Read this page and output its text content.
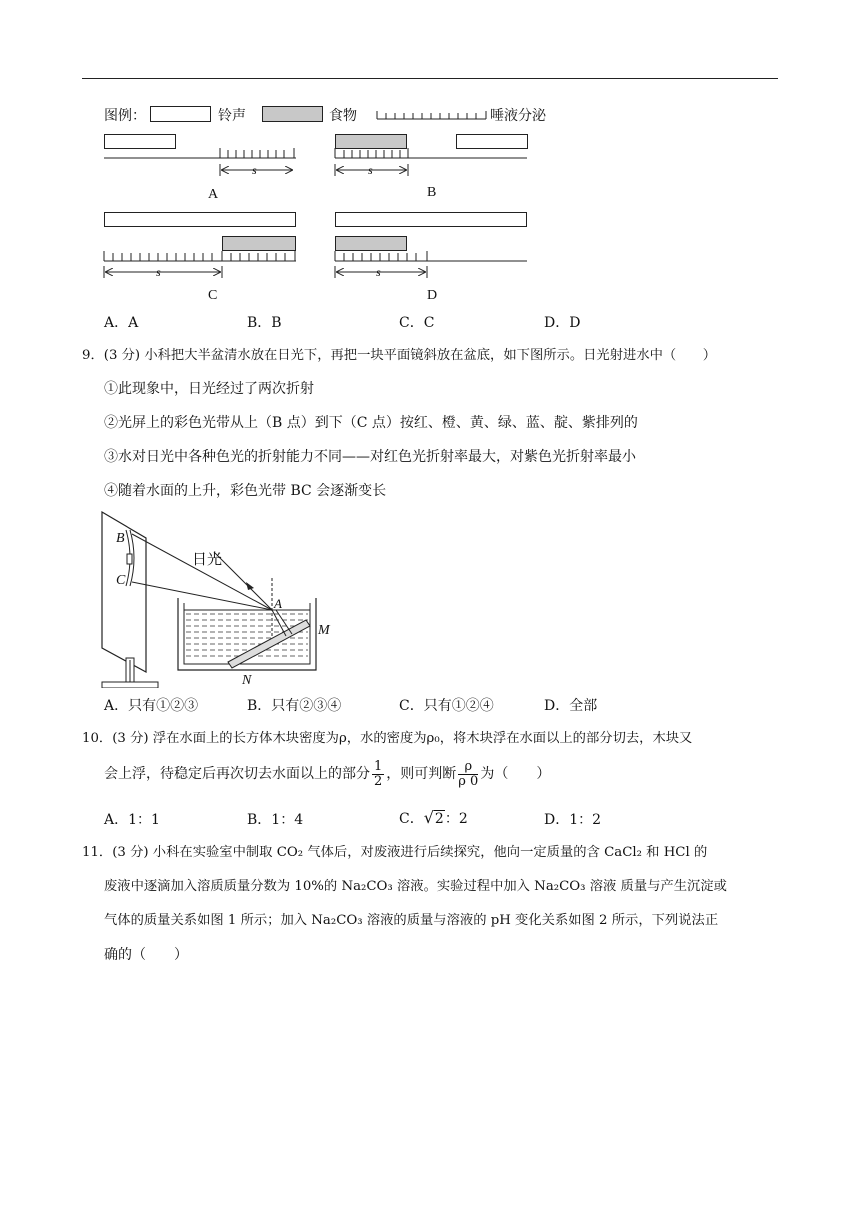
图例：	铃声	食物	唾液分泌
s
A
s
B
s
C
s
D
A．A	B．B	C．C	D．D
9．(3 分) 小科把大半盆清水放在日光下，再把一块平面镜斜放在盆底，如下图所示。日光射进水中（　　）
①此现象中，日光经过了两次折射
②光屏上的彩色光带从上（B 点）到下（C 点）按红、橙、黄、绿、蓝、靛、紫排列的
③水对日光中各种色光的折射能力不同——对红色光折射率最大，对紫色光折射率最小
④随着水面的上升，彩色光带 BC 会逐渐变长
日光
B
C
A
M
N
A．只有①②③	B．只有②③④	C．只有①②④	D．全部
10．(3 分) 浮在水面上的长方体木块密度为ρ，水的密度为ρ₀，将木块浮在水面以上的部分切去，木块又
会上浮，待稳定后再次切去水面以上的部分 $\frac{1}{2}$ ，则可判断 $\frac{\rho}{\rho 0}$ 为（　　）
A．1：1	B．1：4	C．√2：2	D．1：2
11．(3 分) 小科在实验室中制取 CO₂ 气体后，对废液进行后续探究，他向一定质量的含 CaCl₂ 和 HCl 的
废液中逐滴加入溶质质量分数为 10%的 Na₂CO₃ 溶液。实验过程中加入 Na₂CO₃ 溶液 质量与产生沉淀或
气体的质量关系如图 1 所示；加入 Na₂CO₃ 溶液的质量与溶液的 pH 变化关系如图 2 所示，下列说法正
确的（　　）
